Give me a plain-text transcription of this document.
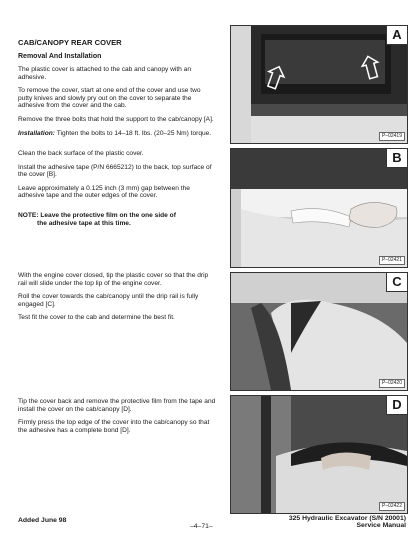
CAB/CANOPY REAR COVER
Removal And Installation

The plastic cover is attached to the cab and canopy with an adhesive.

To remove the cover, start at one end of the cover and use two putty knives and slowly pry out on the cover to separate the adhesive from the cover and the cab.

Remove the three bolts that hold the support to the cab/canopy [A].

Installation: Tighten the bolts to 14–18 ft. lbs. (20–25 Nm) torque.

Clean the back surface of the plastic cover.

Install the adhesive tape (P/N 6665212) to the back, top surface of the cover [B].

Leave approximately a 0.125 inch (3 mm) gap between the adhesive tape and the outer edges of the cover.

NOTE: Leave the protective film on the one side of
the adhesive tape at this time.

With the engine cover closed, tip the plastic cover so that the drip rail will slide under the top lip of the engine cover.

Roll the cover towards the cab/canopy until the drip rail is fully engaged [C].

Test fit the cover to the cab and determine the best fit.

Tip the cover back and remove the protective film from the tape and install the cover on the cab/canopy [D].

Firmly press the top edge of the cover into the cab/canopy so that the adhesive has a complete bond [D].

A
P–02419
B
P–02421
C
P–02420
D
P–02422
Added June 98
–4–71–
325 Hydraulic Excavator (S/N 20001)
Service Manual
